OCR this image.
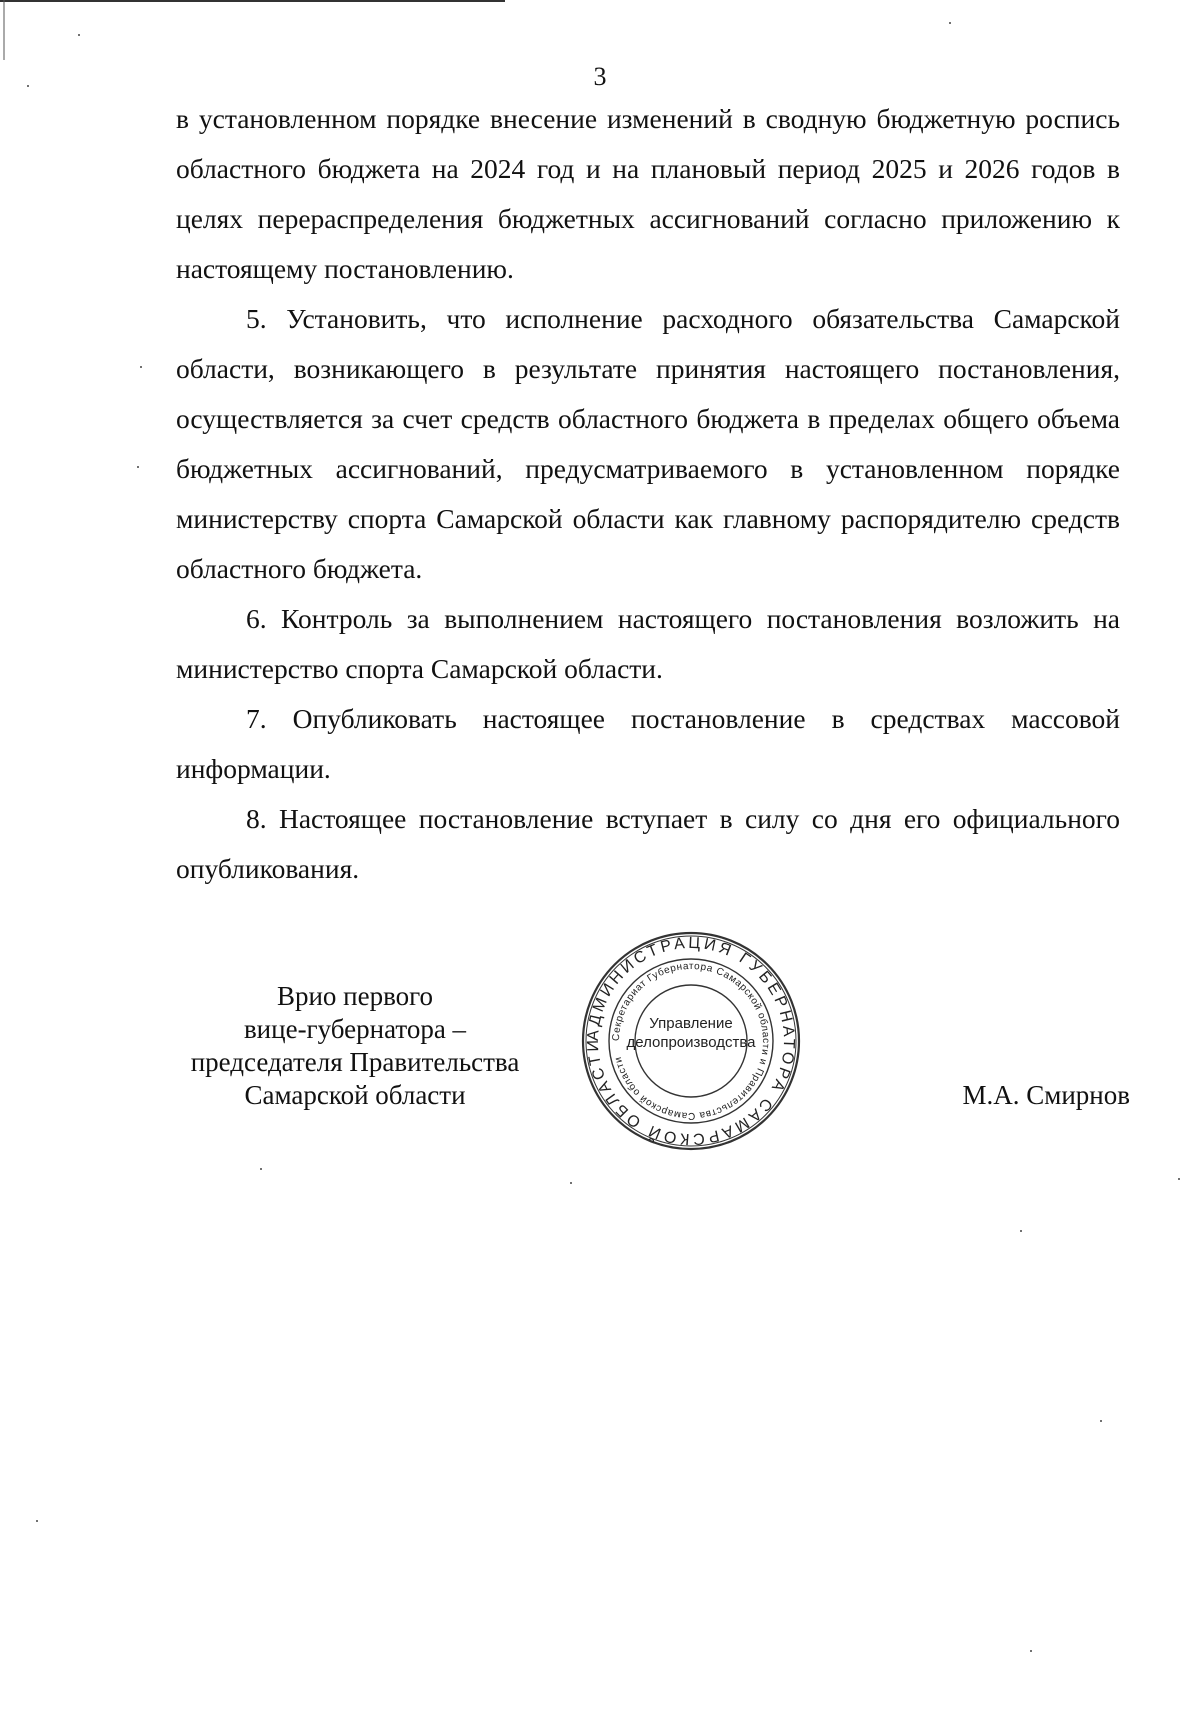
3

в установленном порядке внесение изменений в сводную бюджетную роспись областного бюджета на 2024 год и на плановый период 2025 и 2026 годов в целях перераспределения бюджетных ассигнований согласно приложению к настоящему постановлению.

5. Установить, что исполнение расходного обязательства Самарской области, возникающего в результате принятия настоящего постановления, осуществляется за счет средств областного бюджета в пределах общего объема бюджетных ассигнований, предусматриваемого в установленном порядке министерству спорта Самарской области как главному распорядителю средств областного бюджета.

6. Контроль за выполнением настоящего постановления возложить на министерство спорта Самарской области.

7. Опубликовать настоящее постановление в средствах массовой информации.

8. Настоящее постановление вступает в силу со дня его официального опубликования.

Врио первого
вице-губернатора –
председателя Правительства
Самарской области
АДМИНИСТРАЦИЯ ГУБЕРНАТОРА САМАРСКОЙ ОБЛАСТИ Секретариат Губернатора Самарской области и Правительства Самарской области
Управление
делопроизводства
М.А. Смирнов
